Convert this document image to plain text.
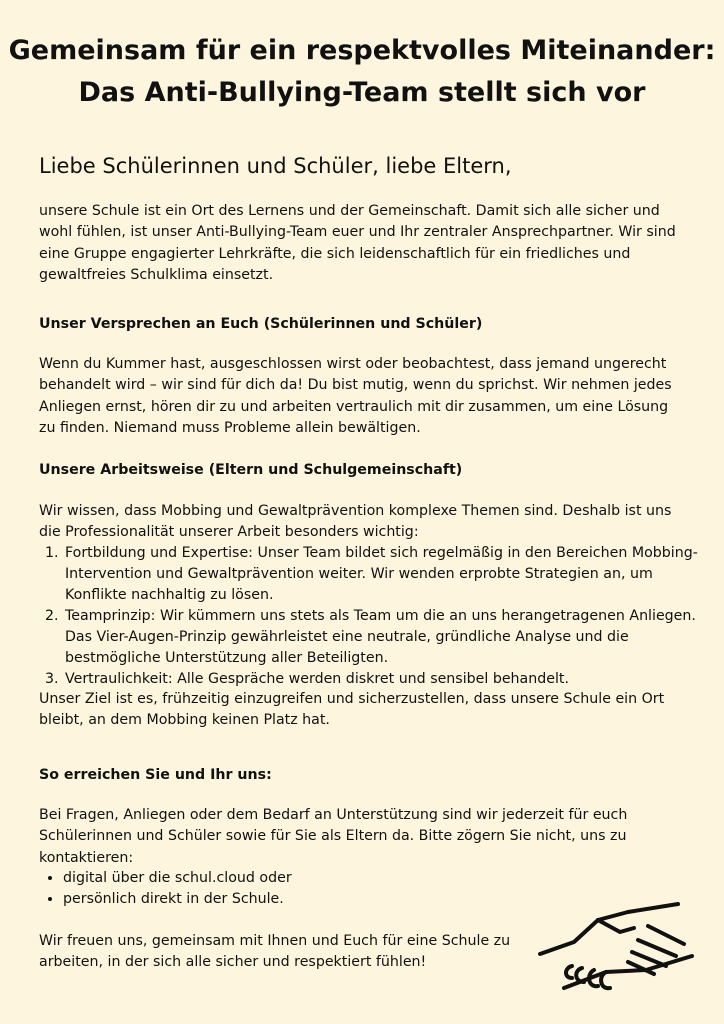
Gemeinsam für ein respektvolles Miteinander:
Das Anti-Bullying-Team stellt sich vor

Liebe Schülerinnen und Schüler, liebe Eltern,

unsere Schule ist ein Ort des Lernens und der Gemeinschaft. Damit sich alle sicher und wohl fühlen, ist unser Anti-Bullying-Team euer und Ihr zentraler Ansprechpartner. Wir sind eine Gruppe engagierter Lehrkräfte, die sich leidenschaftlich für ein friedliches und gewaltfreies Schulklima einsetzt.

Unser Versprechen an Euch (Schülerinnen und Schüler)

Wenn du Kummer hast, ausgeschlossen wirst oder beobachtest, dass jemand ungerecht behandelt wird – wir sind für dich da! Du bist mutig, wenn du sprichst. Wir nehmen jedes Anliegen ernst, hören dir zu und arbeiten vertraulich mit dir zusammen, um eine Lösung zu finden. Niemand muss Probleme allein bewältigen.

Unsere Arbeitsweise (Eltern und Schulgemeinschaft)

Wir wissen, dass Mobbing und Gewaltprävention komplexe Themen sind. Deshalb ist uns die Professionalität unserer Arbeit besonders wichtig:

1. Fortbildung und Expertise: Unser Team bildet sich regelmäßig in den Bereichen Mobbing-Intervention und Gewaltprävention weiter. Wir wenden erprobte Strategien an, um Konflikte nachhaltig zu lösen.
2. Teamprinzip: Wir kümmern uns stets als Team um die an uns herangetragenen Anliegen. Das Vier-Augen-Prinzip gewährleistet eine neutrale, gründliche Analyse und die bestmögliche Unterstützung aller Beteiligten.
3. Vertraulichkeit: Alle Gespräche werden diskret und sensibel behandelt.

Unser Ziel ist es, frühzeitig einzugreifen und sicherzustellen, dass unsere Schule ein Ort bleibt, an dem Mobbing keinen Platz hat.

So erreichen Sie und Ihr uns:

Bei Fragen, Anliegen oder dem Bedarf an Unterstützung sind wir jederzeit für euch Schülerinnen und Schüler sowie für Sie als Eltern da. Bitte zögern Sie nicht, uns zu kontaktieren:

• digital über die schul.cloud oder
• persönlich direkt in der Schule.

Wir freuen uns, gemeinsam mit Ihnen und Euch für eine Schule zu arbeiten, in der sich alle sicher und respektiert fühlen!
